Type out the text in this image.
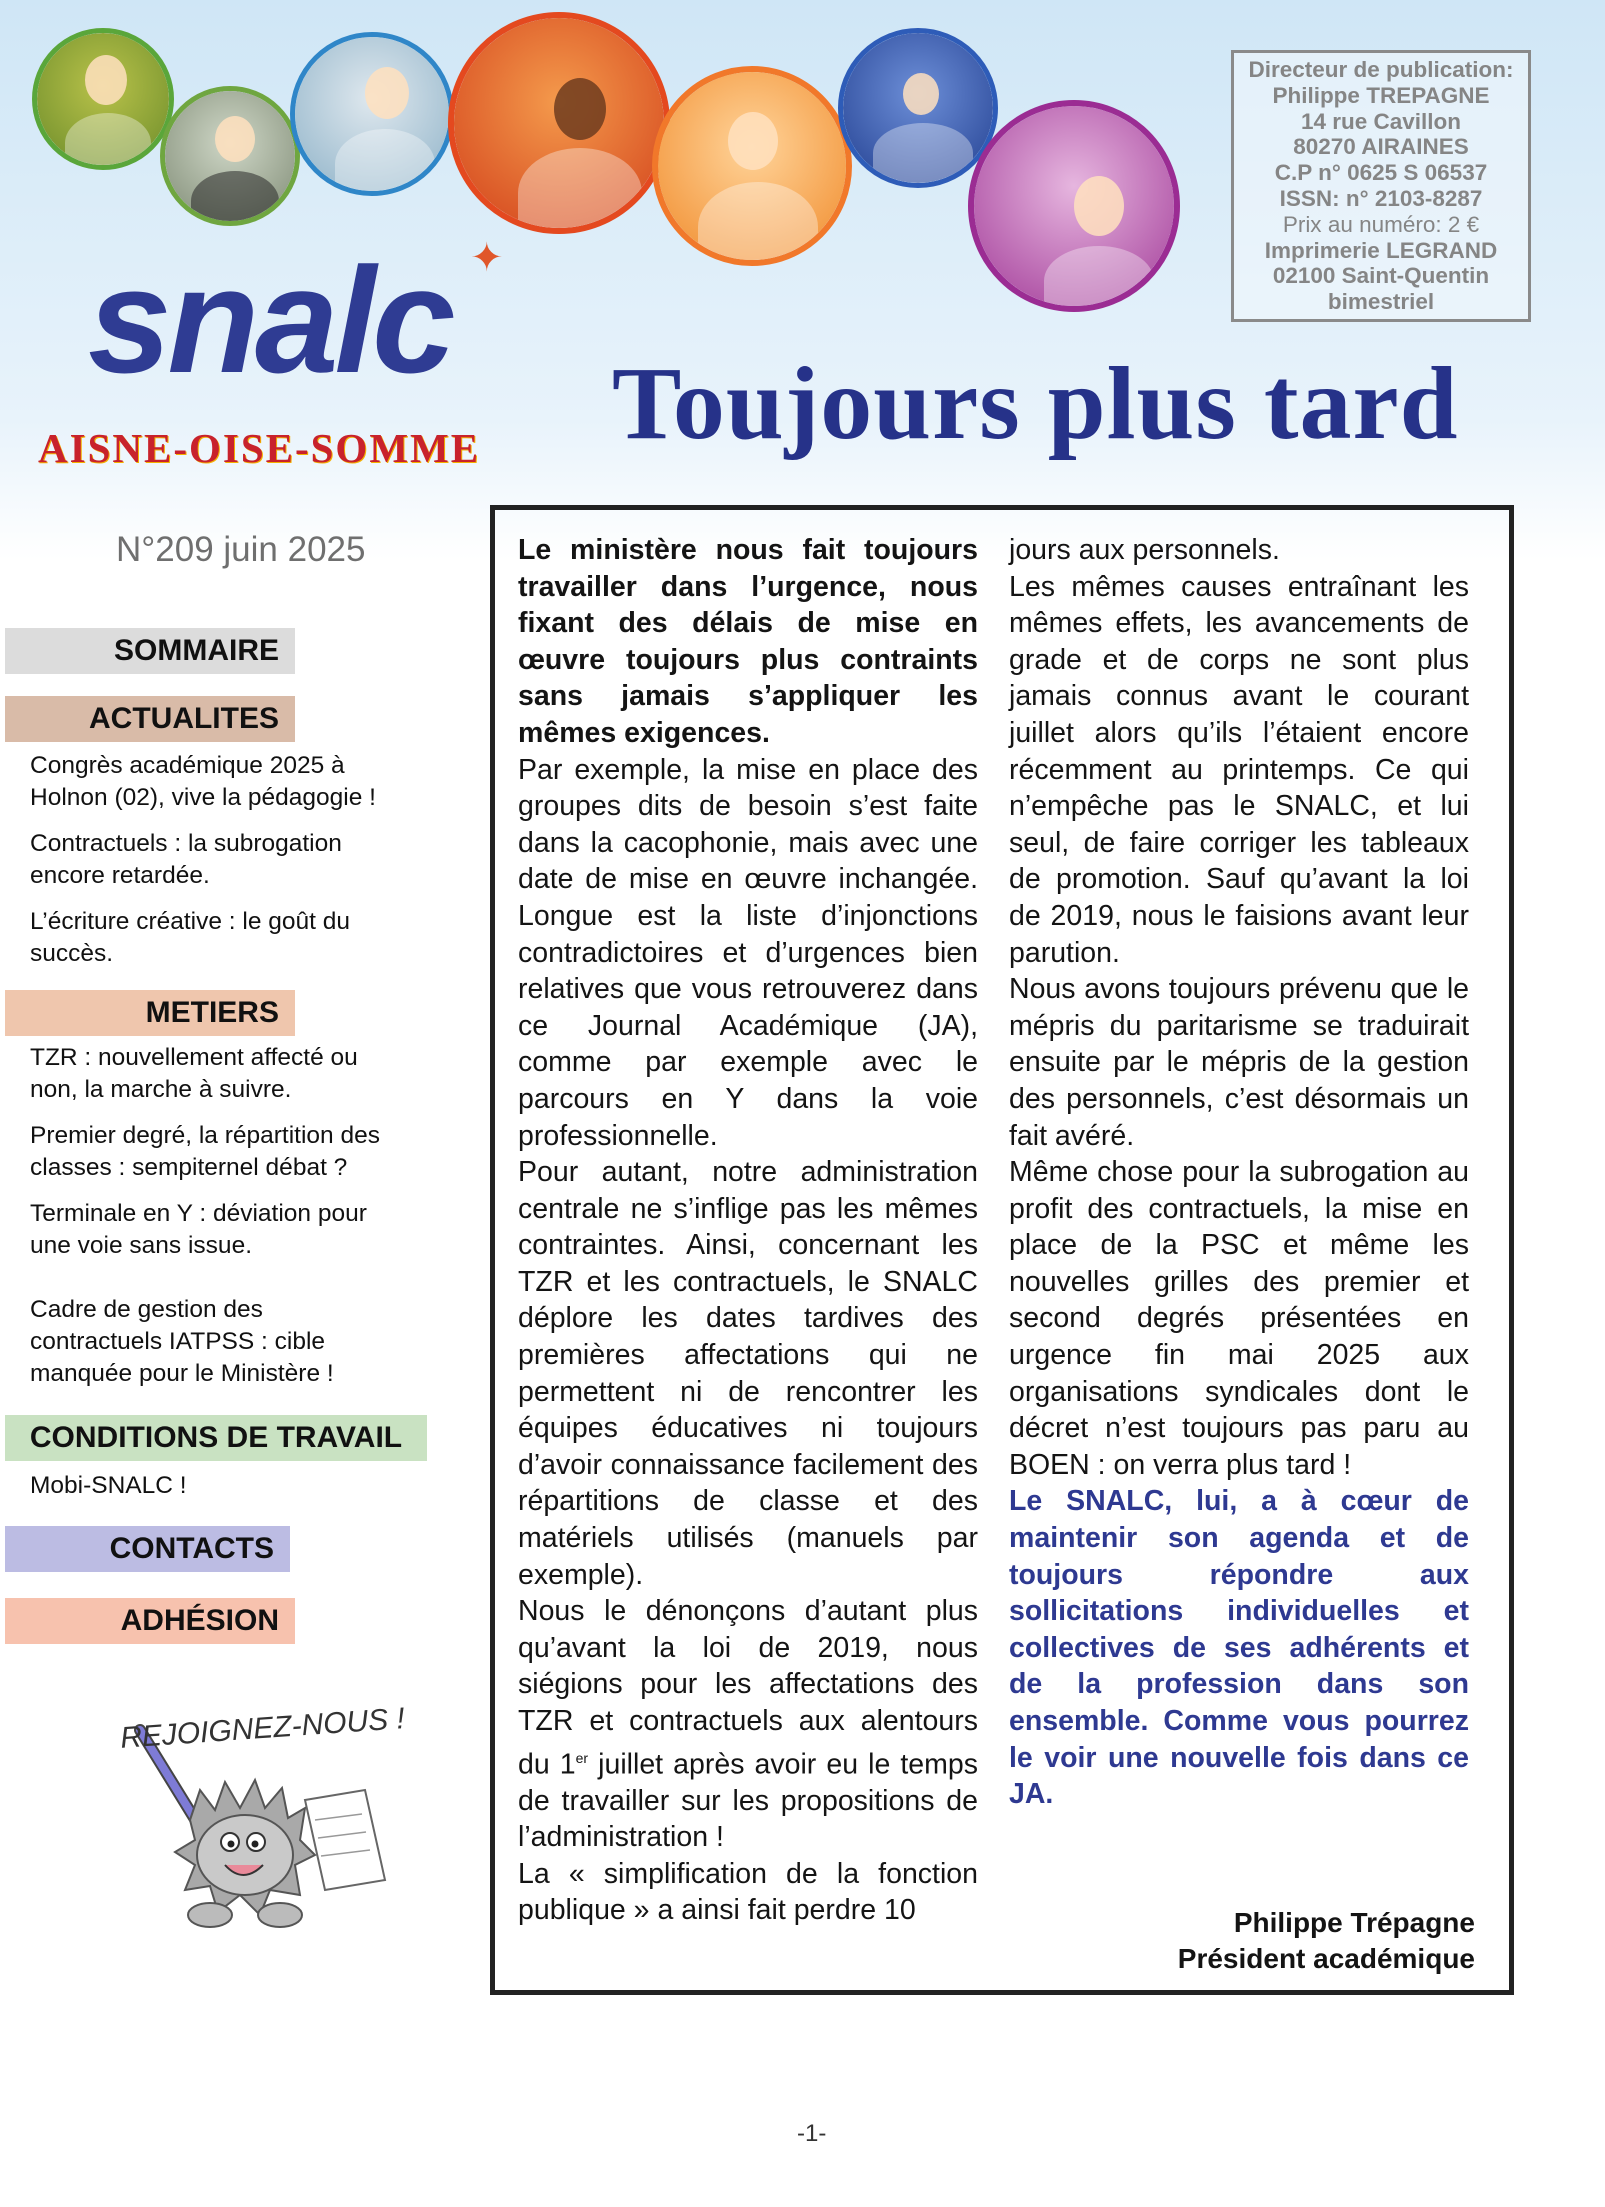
snalc ✦
AISNE-OISE-SOMME
Directeur de publication:
Philippe TREPAGNE
14 rue Cavillon
80270 AIRAINES
C.P n° 0625 S 06537
ISSN: n° 2103-8287
Prix au numéro: 2 €
Imprimerie LEGRAND
02100 Saint-Quentin
bimestriel
Toujours plus tard
N°209 juin 2025
SOMMAIRE
ACTUALITES
Congrès académique 2025 à
Holnon (02), vive la pédagogie !
Contractuels : la subrogation
encore retardée.
L’écriture créative : le goût du
succès.
METIERS
TZR : nouvellement affecté ou
non, la marche à suivre.
Premier degré, la répartition des
classes : sempiternel débat ?
Terminale en Y : déviation pour
une voie sans issue.
Cadre de gestion des
contractuels IATPSS : cible
manquée pour le Ministère !
CONDITIONS DE TRAVAIL
Mobi-SNALC !
CONTACTS
ADHÉSION
REJOIGNEZ-NOUS !

Le ministère nous fait toujours travailler dans l’urgence, nous fixant des délais de mise en œuvre toujours plus contraints sans jamais s’appliquer les mêmes exigences.

Par exemple, la mise en place des groupes dits de besoin s’est faite dans la cacophonie, mais avec une date de mise en œuvre inchangée. Longue est la liste d’injonctions contradictoires et d’urgences bien relatives que vous retrouverez dans ce Journal Académique (JA), comme par exemple avec le parcours en Y dans la voie professionnelle.

Pour autant, notre administration centrale ne s’inflige pas les mêmes contraintes. Ainsi, concernant les TZR et les contractuels, le SNALC déplore les dates tardives des premières affectations qui ne permettent ni de rencontrer les équipes éducatives ni toujours d’avoir connaissance facilement des répartitions de classe et des matériels utilisés (manuels par exemple).

Nous le dénonçons d’autant plus qu’avant la loi de 2019, nous siégions pour les affectations des TZR et contractuels aux alentours du 1er juillet après avoir eu le temps de travailler sur les propositions de l’administration !

La « simplification de la fonction publique » a ainsi fait perdre 10

jours aux personnels.

Les mêmes causes entraînant les mêmes effets, les avancements de grade et de corps ne sont plus jamais connus avant le courant juillet alors qu’ils l’étaient encore récemment au printemps. Ce qui n’empêche pas le SNALC, et lui seul, de faire corriger les tableaux de promotion. Sauf qu’avant la loi de 2019, nous le faisions avant leur parution.

Nous avons toujours prévenu que le mépris du paritarisme se traduirait ensuite par le mépris de la gestion des personnels, c’est désormais un fait avéré.

Même chose pour la subrogation au profit des contractuels, la mise en place de la PSC et même les nouvelles grilles des premier et second degrés présentées en urgence fin mai 2025 aux organisations syndicales dont le décret n’est toujours pas paru au BOEN : on verra plus tard !

Le SNALC, lui, a à cœur de maintenir son agenda et de toujours répondre aux sollicitations individuelles et collectives de ses adhérents et de la profession dans son ensemble. Comme vous pourrez le voir une nouvelle fois dans ce JA.

Philippe Trépagne
Président académique
-1-
